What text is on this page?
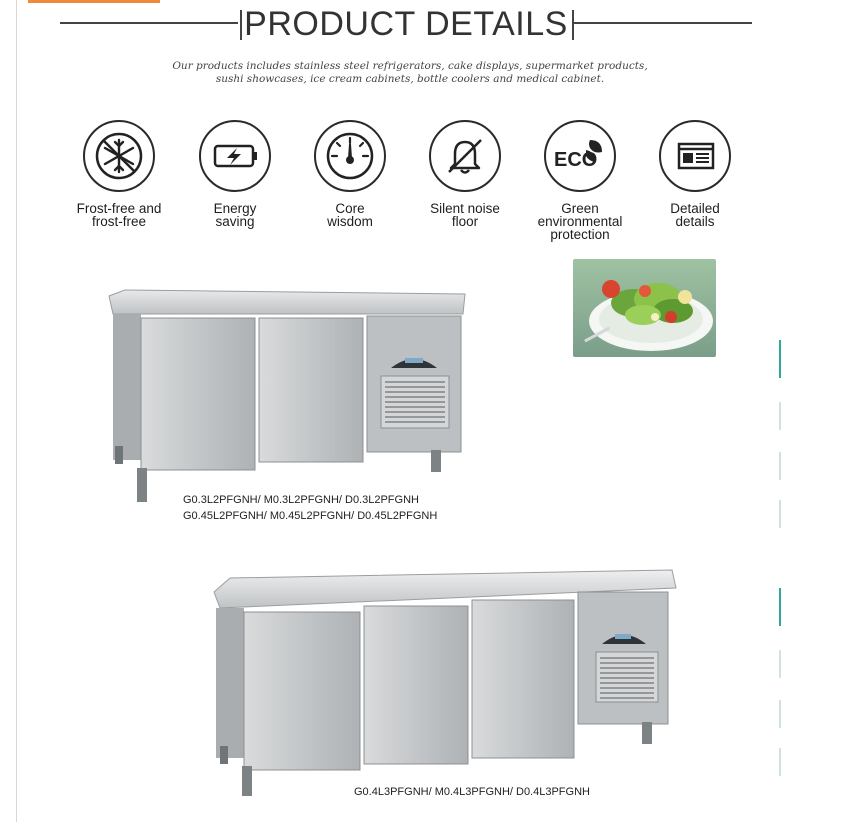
PRODUCT DETAILS
Our products includes stainless steel refrigerators, cake displays, supermarket products,
sushi showcases, ice cream cabinets, bottle coolers and medical cabinet.
Frost-free and
frost-free
Energy
saving
Core
wisdom
Silent noise
floor
ECO
Green
environmental
protection
Detailed
details
G0.3L2PFGNH/ M0.3L2PFGNH/ D0.3L2PFGNH
G0.45L2PFGNH/ M0.45L2PFGNH/ D0.45L2PFGNH
G0.4L3PFGNH/ M0.4L3PFGNH/ D0.4L3PFGNH
